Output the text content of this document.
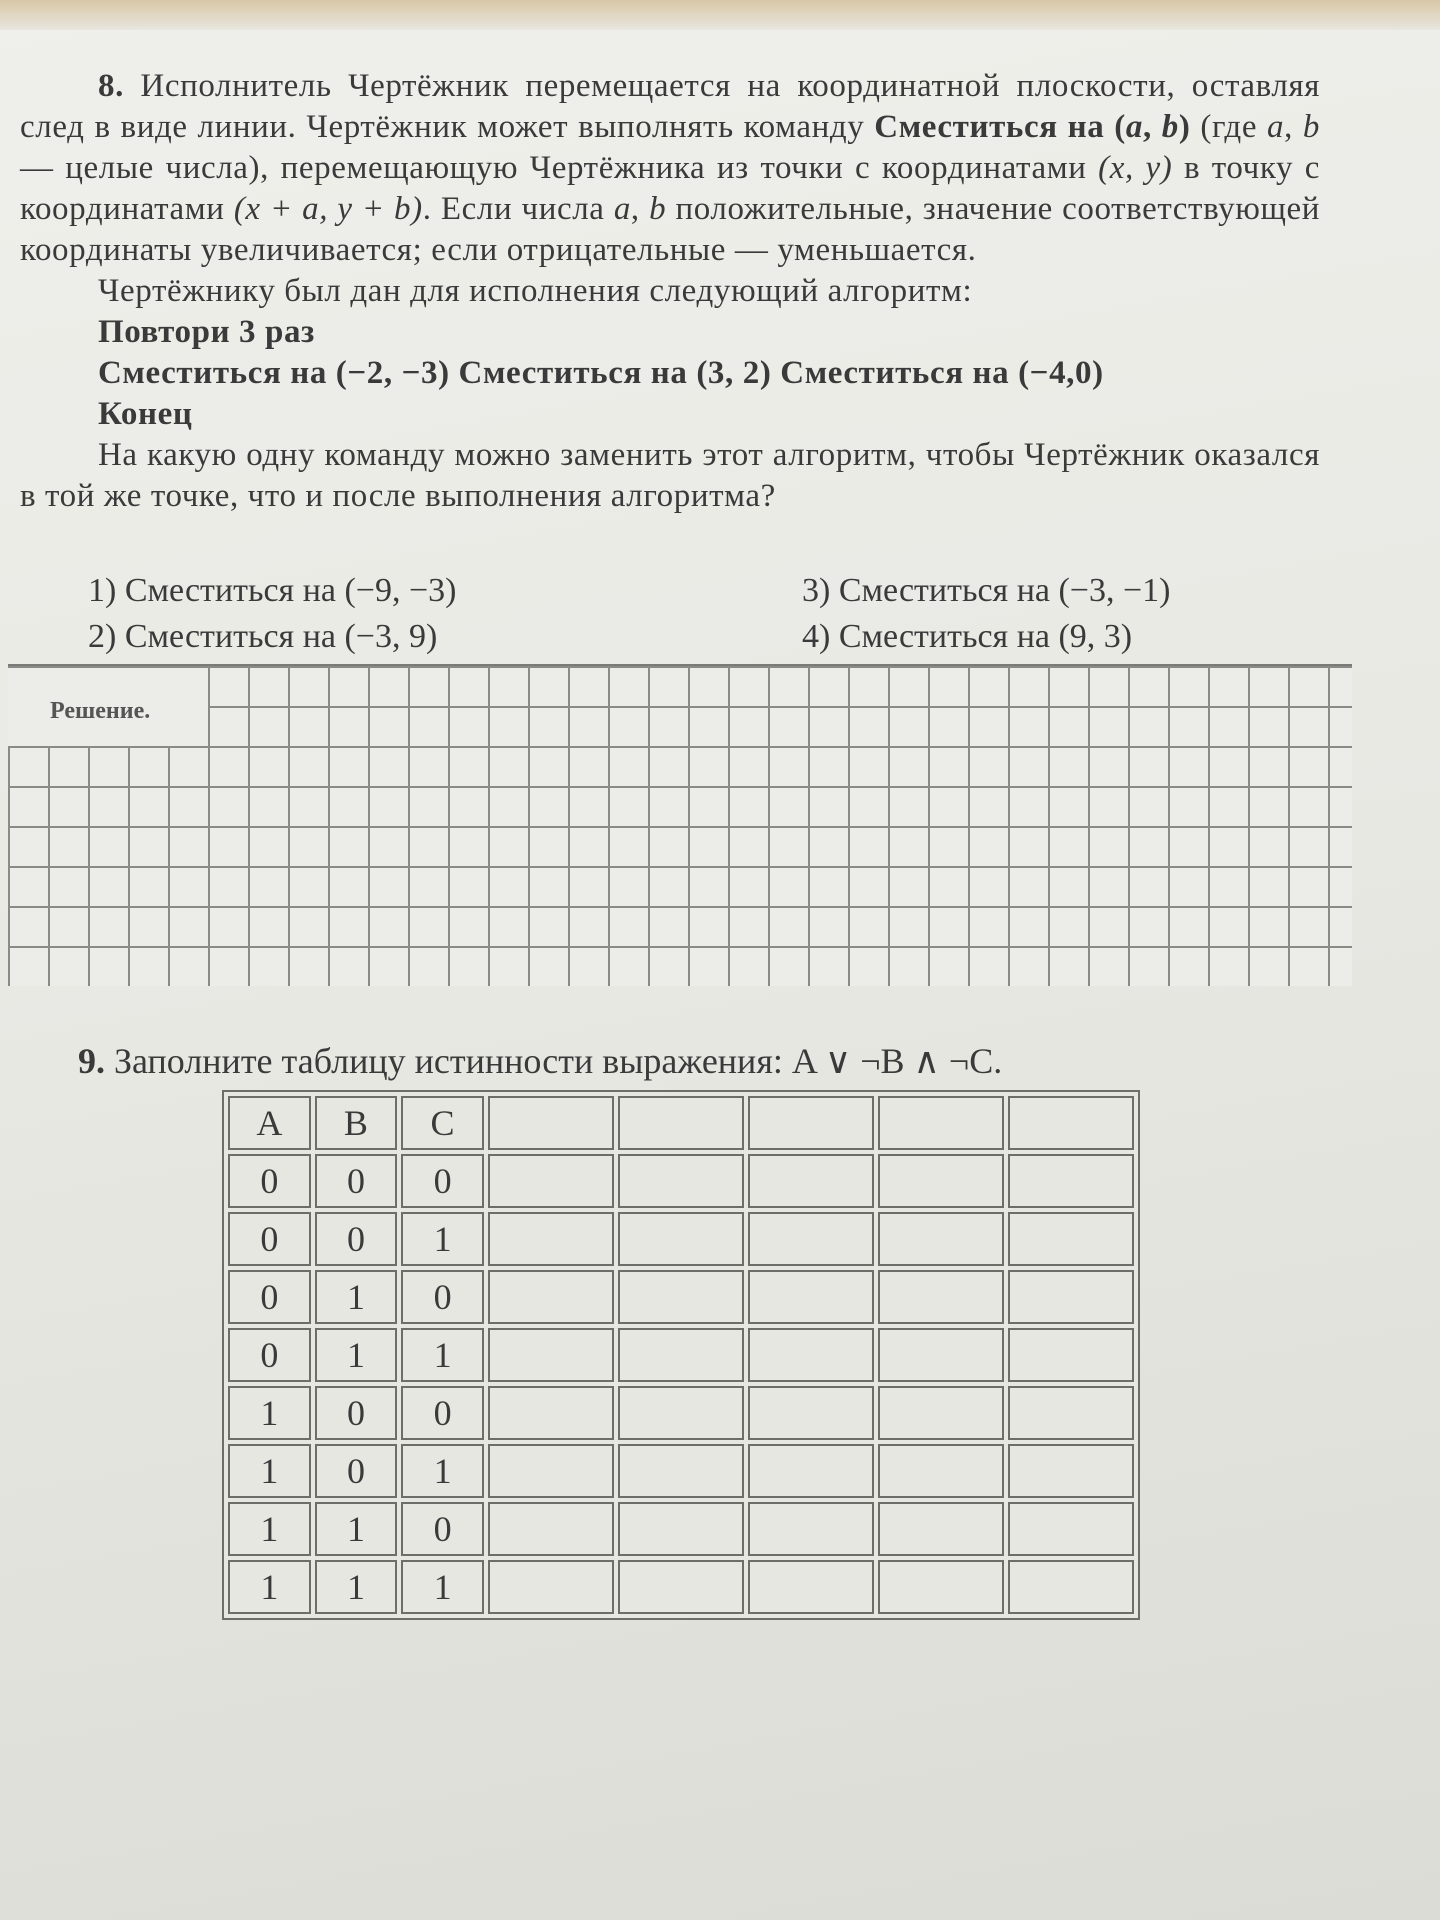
8. Исполнитель Чертёжник перемещается на координатной плоскости, оставляя след в виде линии. Чертёжник может выполнять команду Сместиться на (a, b) (где a, b — целые числа), перемещающую Чертёжника из точки с координатами (x, y) в точку с координатами (x + a, y + b). Если числа a, b положительные, значение соответствующей координаты увеличивается; если отрицательные — уменьшается.

Чертёжнику был дан для исполнения следующий алгоритм:

Повтори 3 раз

Сместиться на (−2, −3) Сместиться на (3, 2) Сместиться на (−4,0)

Конец

На какую одну команду можно заменить этот алгоритм, чтобы Чертёжник оказался в той же точке, что и после выполнения алгоритма?

1) Сместиться на (−9, −3)
2) Сместиться на (−3, 9)
3) Сместиться на (−3, −1)
4) Сместиться на (9, 3)
Решение.
9. Заполните таблицу истинности выражения: A ∨ ¬B ∧ ¬C.
A	B	C					
0	0	0					
0	0	1					
0	1	0					
0	1	1					
1	0	0					
1	0	1					
1	1	0					
1	1	1					
